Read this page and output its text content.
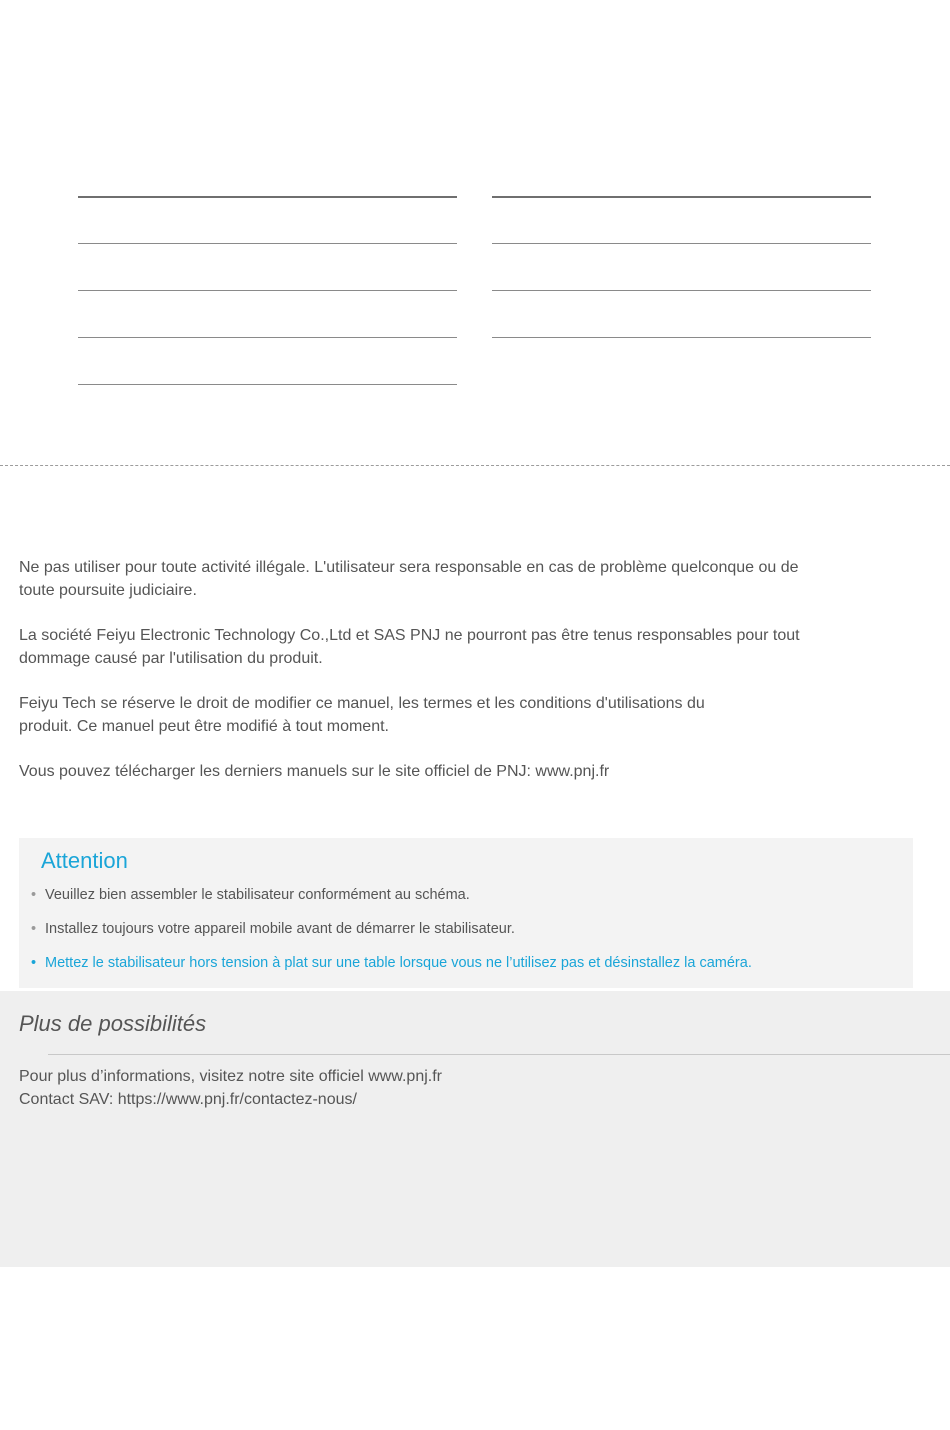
Ne pas utiliser pour toute activité illégale. L'utilisateur sera responsable en cas de problème quelconque ou de
toute poursuite judiciaire.

La société Feiyu Electronic Technology Co.,Ltd et SAS PNJ ne pourront pas être tenus responsables pour tout
dommage causé par l'utilisation du produit.

Feiyu Tech se réserve le droit de modifier ce manuel, les termes et les conditions d'utilisations du
produit. Ce manuel peut être modifié à tout moment.

Vous pouvez télécharger les derniers manuels sur le site officiel de PNJ: www.pnj.fr

Attention
• Veuillez bien assembler le stabilisateur conformément au schéma.
• Installez toujours votre appareil mobile avant de démarrer le stabilisateur.
• Mettez le stabilisateur hors tension à plat sur une table lorsque vous ne l’utilisez pas et désinstallez la caméra.
Plus de possibilités

Pour plus d’informations, visitez notre site officiel www.pnj.fr

Contact SAV: https://www.pnj.fr/contactez-nous/
